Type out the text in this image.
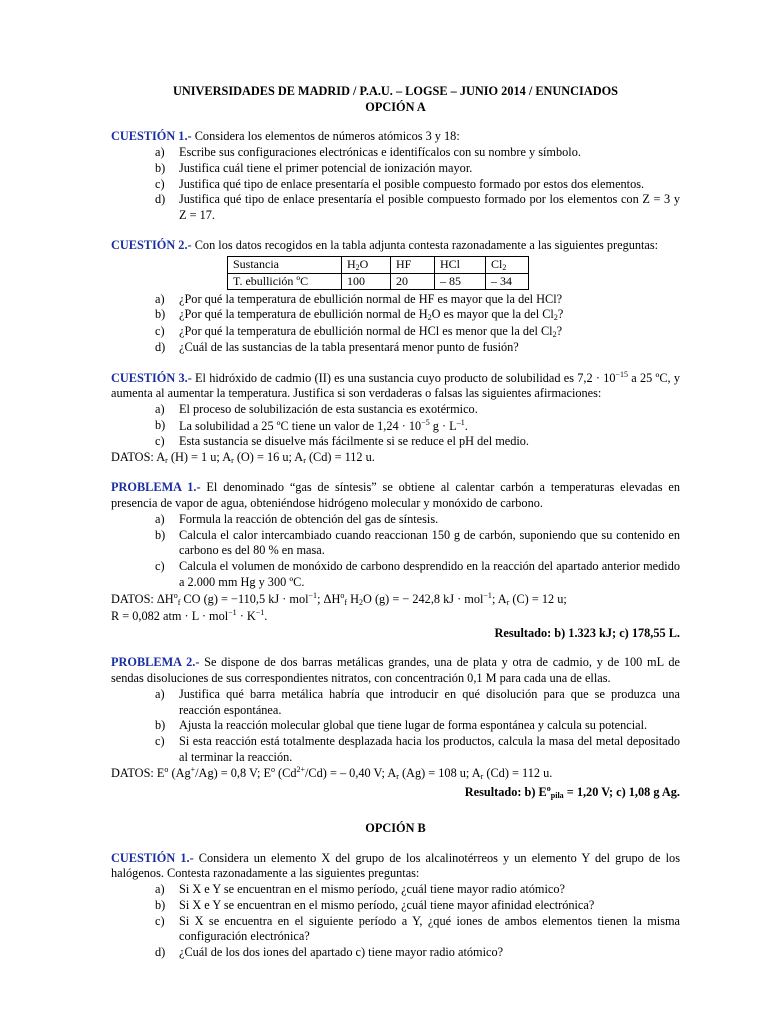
UNIVERSIDADES DE MADRID / P.A.U. – LOGSE – JUNIO 2014 / ENUNCIADOS

OPCIÓN A

CUESTIÓN 1.- Considera los elementos de números atómicos 3 y 18:

a)	Escribe sus configuraciones electrónicas e identifícalos con su nombre y símbolo.
b)	Justifica cuál tiene el primer potencial de ionización mayor.
c)	Justifica qué tipo de enlace presentaría el posible compuesto formado por estos dos elementos.
d)	Justifica qué tipo de enlace presentaría el posible compuesto formado por los elementos con Z = 3 y Z = 17.

CUESTIÓN 2.- Con los datos recogidos en la tabla adjunta contesta razonadamente a las siguientes preguntas:

Sustancia	$H_2O$	HF	HCl	$Cl_2$
T. ebullición ºC	100	20	– 85	– 34
a)	¿Por qué la temperatura de ebullición normal de HF es mayor que la del HCl?
b)	¿Por qué la temperatura de ebullición normal de $H_2O$ es mayor que la del $Cl_2$?
c)	¿Por qué la temperatura de ebullición normal de HCl es menor que la del $Cl_2$?
d)	¿Cuál de las sustancias de la tabla presentará menor punto de fusión?

CUESTIÓN 3.- El hidróxido de cadmio (II) es una sustancia cuyo producto de solubilidad es $7,2 \cdot 10^{-15}$ a 25 ºC, y aumenta al aumentar la temperatura. Justifica si son verdaderas o falsas las siguientes afirmaciones:

a)	El proceso de solubilización de esta sustancia es exotérmico.
b)	La solubilidad a 25 ºC tiene un valor de $1,24 \cdot 10^{-5}$ $g \cdot L^{-1}$.
c)	Esta sustancia se disuelve más fácilmente si se reduce el pH del medio.

DATOS: $A_r$ (H) = 1 u; $A_r$ (O) = 16 u; $A_r$ (Cd) = 112 u.

PROBLEMA 1.- El denominado “gas de síntesis” se obtiene al calentar carbón a temperaturas elevadas en presencia de vapor de agua, obteniéndose hidrógeno molecular y monóxido de carbono.

a)	Formula la reacción de obtención del gas de síntesis.
b)	Calcula el calor intercambiado cuando reaccionan 150 g de carbón, suponiendo que su contenido en carbono es del 80 % en masa.
c)	Calcula el volumen de monóxido de carbono desprendido en la reacción del apartado anterior medido a 2.000 mm Hg y 300 ºC.

DATOS: $\Delta H^o_f$ CO (g) = −110,5 kJ · mol$^{-1}$; $\Delta H^o_f$ $H_2O$ (g) = − 242,8 kJ · mol$^{-1}$; $A_r$ (C) = 12 u;

R = 0,082 atm · $L \cdot mol^{-1} \cdot K^{-1}$.

Resultado: b) 1.323 kJ; c) 178,55 L.

PROBLEMA 2.- Se dispone de dos barras metálicas grandes, una de plata y otra de cadmio, y de 100 mL de sendas disoluciones de sus correspondientes nitratos, con concentración 0,1 M para cada una de ellas.

a)	Justifica qué barra metálica habría que introducir en qué disolución para que se produzca una reacción espontánea.
b)	Ajusta la reacción molecular global que tiene lugar de forma espontánea y calcula su potencial.
c)	Si esta reacción está totalmente desplazada hacia los productos, calcula la masa del metal depositado al terminar la reacción.

DATOS: $E^o$ (Ag+/Ag) = 0,8 V; $E^o$ $(Cd^{2+}/Cd)$ = – 0,40 V; $A_r$ (Ag) = 108 u; $A_r$ (Cd) = 112 u.

Resultado: b) $E^o_{pila} = 1,20$ V; c) 1,08 g Ag.

OPCIÓN B

CUESTIÓN 1.- Considera un elemento X del grupo de los alcalinotérreos y un elemento Y del grupo de los halógenos. Contesta razonadamente a las siguientes preguntas:

a)	Si X e Y se encuentran en el mismo período, ¿cuál tiene mayor radio atómico?
b)	Si X e Y se encuentran en el mismo período, ¿cuál tiene mayor afinidad electrónica?
c)	Si X se encuentra en el siguiente período a Y, ¿qué iones de ambos elementos tienen la misma configuración electrónica?
d)	¿Cuál de los dos iones del apartado c) tiene mayor radio atómico?
